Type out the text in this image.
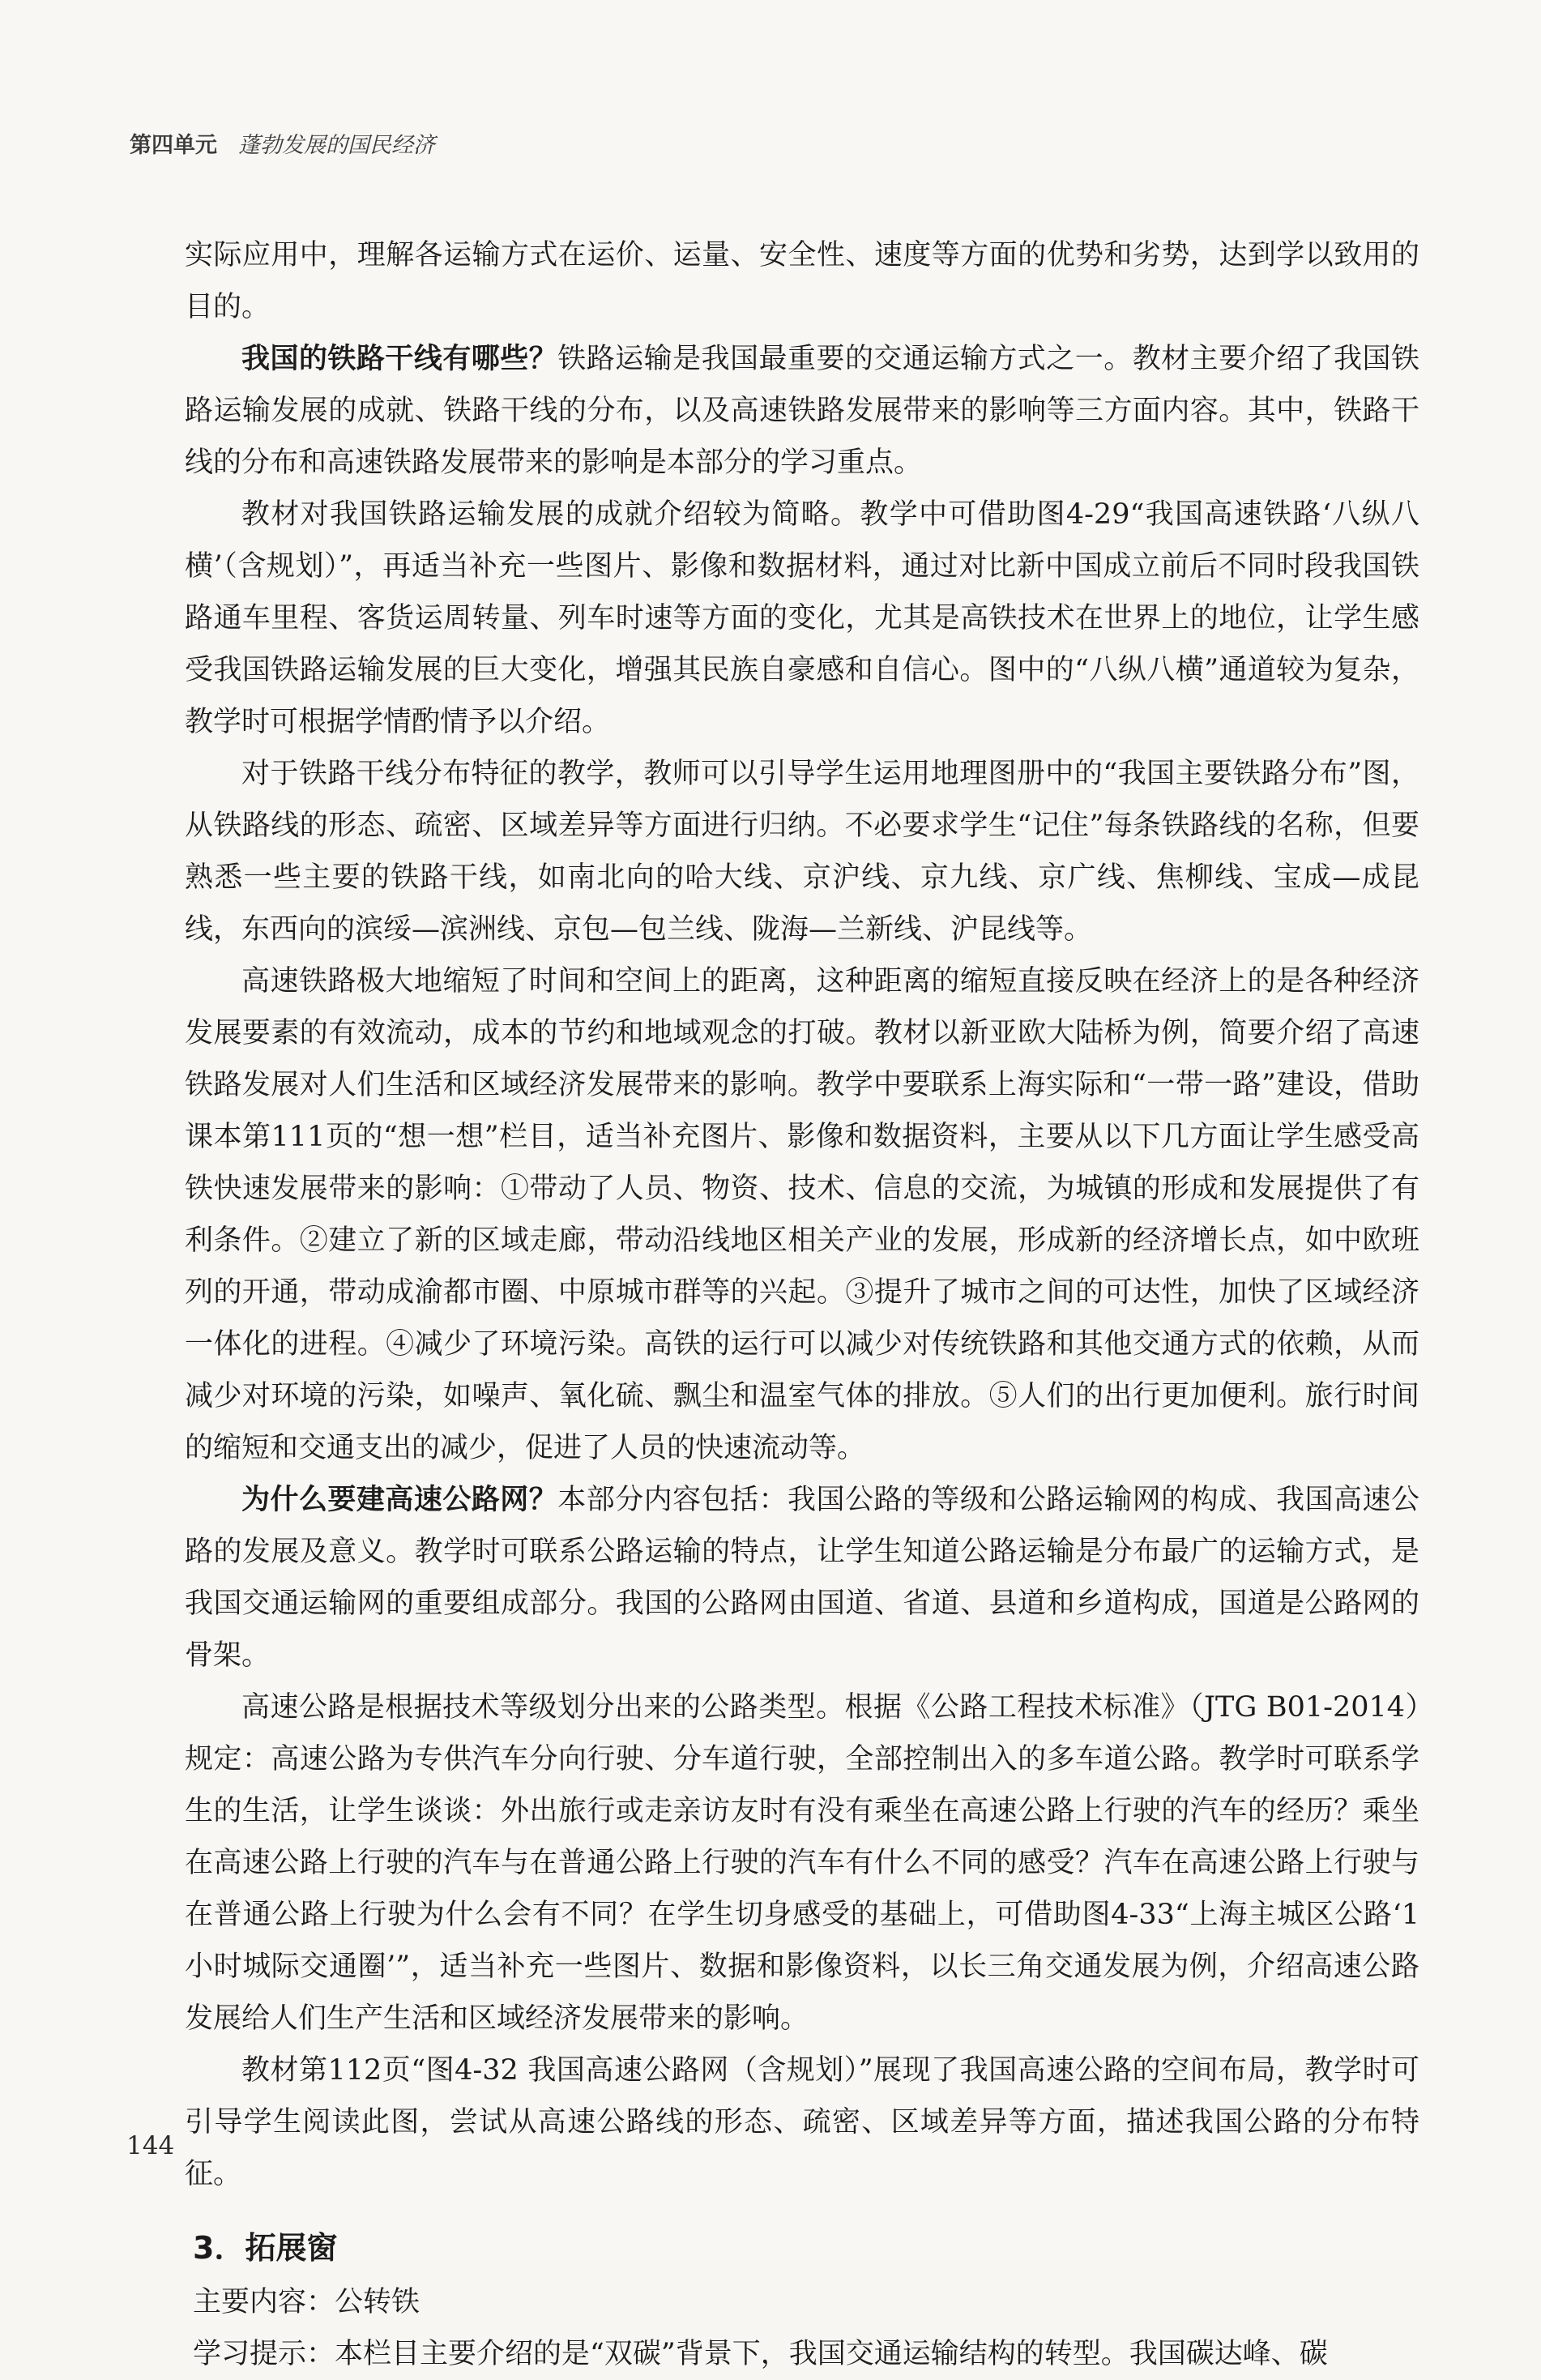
第四单元 蓬勃发展的国民经济

实际应用中，理解各运输方式在运价、运量、安全性、速度等方面的优势和劣势，达到学以致用的目的。

我国的铁路干线有哪些？铁路运输是我国最重要的交通运输方式之一。教材主要介绍了我国铁路运输发展的成就、铁路干线的分布，以及高速铁路发展带来的影响等三方面内容。其中，铁路干线的分布和高速铁路发展带来的影响是本部分的学习重点。

教材对我国铁路运输发展的成就介绍较为简略。教学中可借助图4-29“我国高速铁路‘八纵八横’（含规划）”，再适当补充一些图片、影像和数据材料，通过对比新中国成立前后不同时段我国铁路通车里程、客货运周转量、列车时速等方面的变化，尤其是高铁技术在世界上的地位，让学生感受我国铁路运输发展的巨大变化，增强其民族自豪感和自信心。图中的“八纵八横”通道较为复杂，教学时可根据学情酌情予以介绍。

对于铁路干线分布特征的教学，教师可以引导学生运用地理图册中的“我国主要铁路分布”图，从铁路线的形态、疏密、区域差异等方面进行归纳。不必要求学生“记住”每条铁路线的名称，但要熟悉一些主要的铁路干线，如南北向的哈大线、京沪线、京九线、京广线、焦柳线、宝成—成昆线，东西向的滨绥—滨洲线、京包—包兰线、陇海—兰新线、沪昆线等。

高速铁路极大地缩短了时间和空间上的距离，这种距离的缩短直接反映在经济上的是各种经济发展要素的有效流动，成本的节约和地域观念的打破。教材以新亚欧大陆桥为例，简要介绍了高速铁路发展对人们生活和区域经济发展带来的影响。教学中要联系上海实际和“一带一路”建设，借助课本第111页的“想一想”栏目，适当补充图片、影像和数据资料，主要从以下几方面让学生感受高铁快速发展带来的影响：①带动了人员、物资、技术、信息的交流，为城镇的形成和发展提供了有利条件。②建立了新的区域走廊，带动沿线地区相关产业的发展，形成新的经济增长点，如中欧班列的开通，带动成渝都市圈、中原城市群等的兴起。③提升了城市之间的可达性，加快了区域经济一体化的进程。④减少了环境污染。高铁的运行可以减少对传统铁路和其他交通方式的依赖，从而减少对环境的污染，如噪声、氧化硫、飘尘和温室气体的排放。⑤人们的出行更加便利。旅行时间的缩短和交通支出的减少，促进了人员的快速流动等。

为什么要建高速公路网？本部分内容包括：我国公路的等级和公路运输网的构成、我国高速公路的发展及意义。教学时可联系公路运输的特点，让学生知道公路运输是分布最广的运输方式，是我国交通运输网的重要组成部分。我国的公路网由国道、省道、县道和乡道构成，国道是公路网的骨架。

高速公路是根据技术等级划分出来的公路类型。根据《公路工程技术标准》（JTG B01-2014）规定：高速公路为专供汽车分向行驶、分车道行驶，全部控制出入的多车道公路。教学时可联系学生的生活，让学生谈谈：外出旅行或走亲访友时有没有乘坐在高速公路上行驶的汽车的经历？乘坐在高速公路上行驶的汽车与在普通公路上行驶的汽车有什么不同的感受？汽车在高速公路上行驶与在普通公路上行驶为什么会有不同？在学生切身感受的基础上，可借助图4-33“上海主城区公路‘1小时城际交通圈’”，适当补充一些图片、数据和影像资料，以长三角交通发展为例，介绍高速公路发展给人们生产生活和区域经济发展带来的影响。

教材第112页“图4-32 我国高速公路网（含规划）”展现了我国高速公路的空间布局，教学时可引导学生阅读此图，尝试从高速公路线的形态、疏密、区域差异等方面，描述我国公路的分布特征。

3．拓展窗

主要内容：公转铁

学习提示：本栏目主要介绍的是“双碳”背景下，我国交通运输结构的转型。我国碳达峰、碳

144
